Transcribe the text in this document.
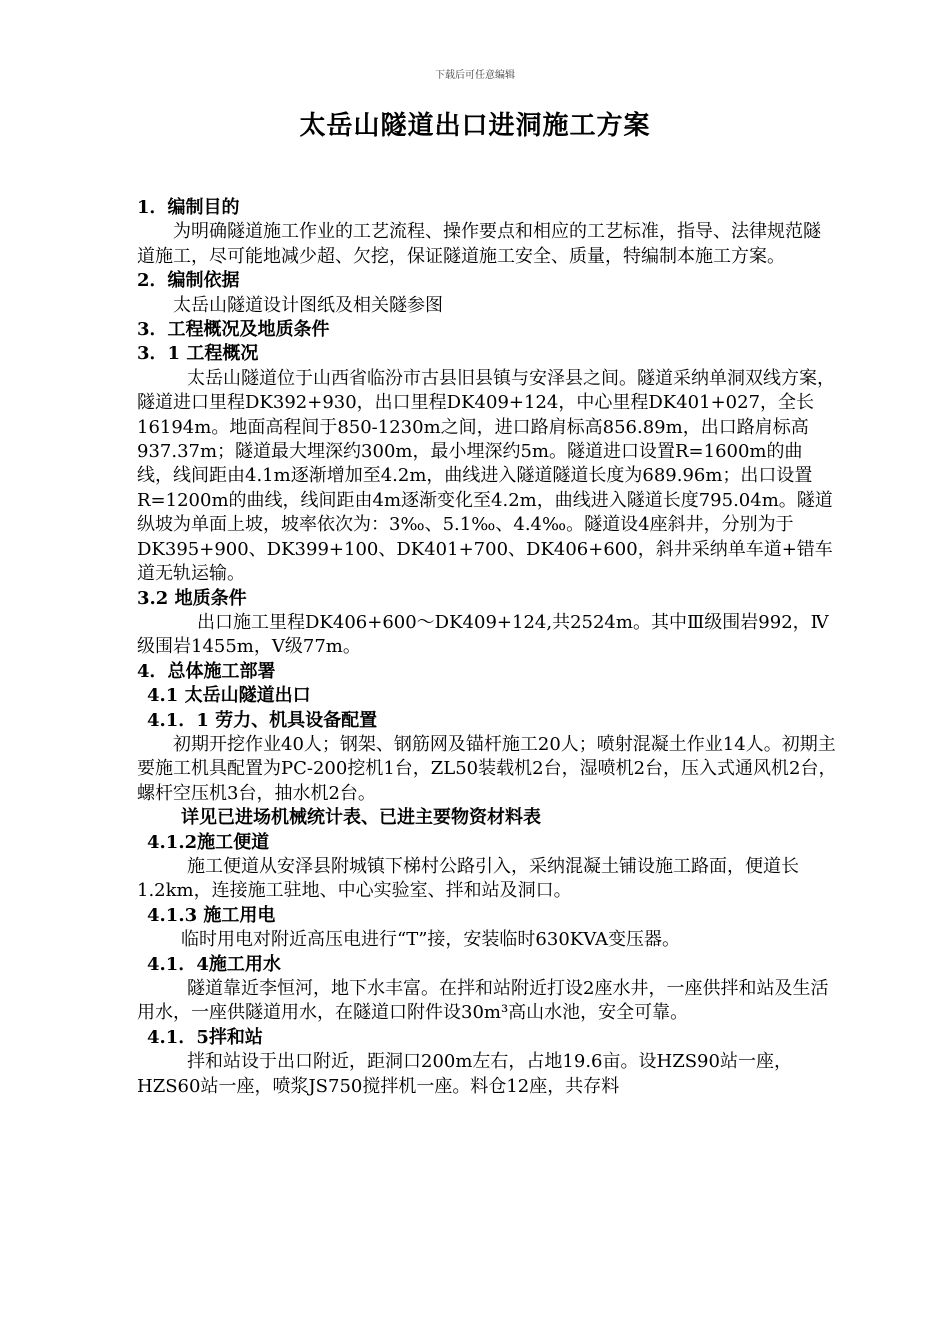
下载后可任意编辑
太岳山隧道出口进洞施工方案

1．编制目的

为明确隧道施工作业的工艺流程、操作要点和相应的工艺标准，指导、法律规范隧道施工，尽可能地减少超、欠挖，保证隧道施工安全、质量，特编制本施工方案。

2．编制依据

太岳山隧道设计图纸及相关隧参图

3．工程概况及地质条件

3．1 工程概况

太岳山隧道位于山西省临汾市古县旧县镇与安泽县之间。隧道采纳单洞双线方案，隧道进口里程DK392+930，出口里程DK409+124，中心里程DK401+027，全长16194m。地面高程间于850-1230m之间，进口路肩标高856.89m，出口路肩标高937.37m；隧道最大埋深约300m，最小埋深约5m。隧道进口设置R=1600m的曲线，线间距由4.1m逐渐增加至4.2m，曲线进入隧道隧道长度为689.96m；出口设置R=1200m的曲线，线间距由4m逐渐变化至4.2m，曲线进入隧道长度795.04m。隧道纵坡为单面上坡，坡率依次为：3‰、5.1‰、4.4‰。隧道设4座斜井，分别为于DK395+900、DK399+100、DK401+700、DK406+600，斜井采纳单车道+错车道无轨运输。

3.2 地质条件

出口施工里程DK406+600～DK409+124,共2524m。其中Ⅲ级围岩992，Ⅳ级围岩1455m，Ⅴ级77m。

4．总体施工部署

4.1 太岳山隧道出口

4.1．1 劳力、机具设备配置

初期开挖作业40人；钢架、钢筋网及锚杆施工20人；喷射混凝土作业14人。初期主要施工机具配置为PC-200挖机1台，ZL50装载机2台，湿喷机2台，压入式通风机2台，螺杆空压机3台，抽水机2台。

详见已进场机械统计表、已进主要物资材料表

4.1.2施工便道

施工便道从安泽县附城镇下梯村公路引入，采纳混凝土铺设施工路面，便道长1.2km，连接施工驻地、中心实验室、拌和站及洞口。

4.1.3 施工用电

临时用电对附近高压电进行“T”接，安装临时630KVA变压器。

4.1．4施工用水

隧道靠近李恒河，地下水丰富。在拌和站附近打设2座水井，一座供拌和站及生活用水，一座供隧道用水，在隧道口附件设30m³高山水池，安全可靠。

4.1．5拌和站

拌和站设于出口附近，距洞口200m左右，占地19.6亩。设HZS90站一座，HZS60站一座，喷浆JS750搅拌机一座。料仓12座，共存料
